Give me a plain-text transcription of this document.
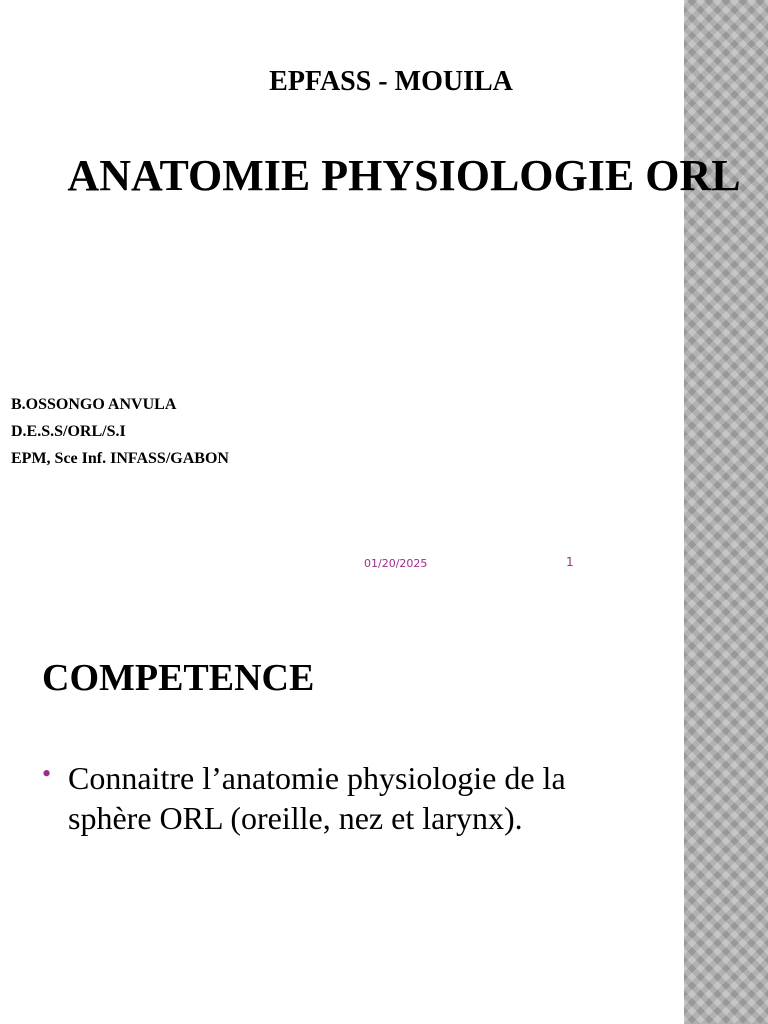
EPFASS - MOUILA
ANATOMIE PHYSIOLOGIE ORL
B.OSSONGO ANVULA
D.E.S.S/ORL/S.I
EPM, Sce Inf. INFASS/GABON
01/20/2025	1
COMPETENCE
• Connaitre l’anatomie physiologie de la sphère ORL (oreille, nez et larynx).
